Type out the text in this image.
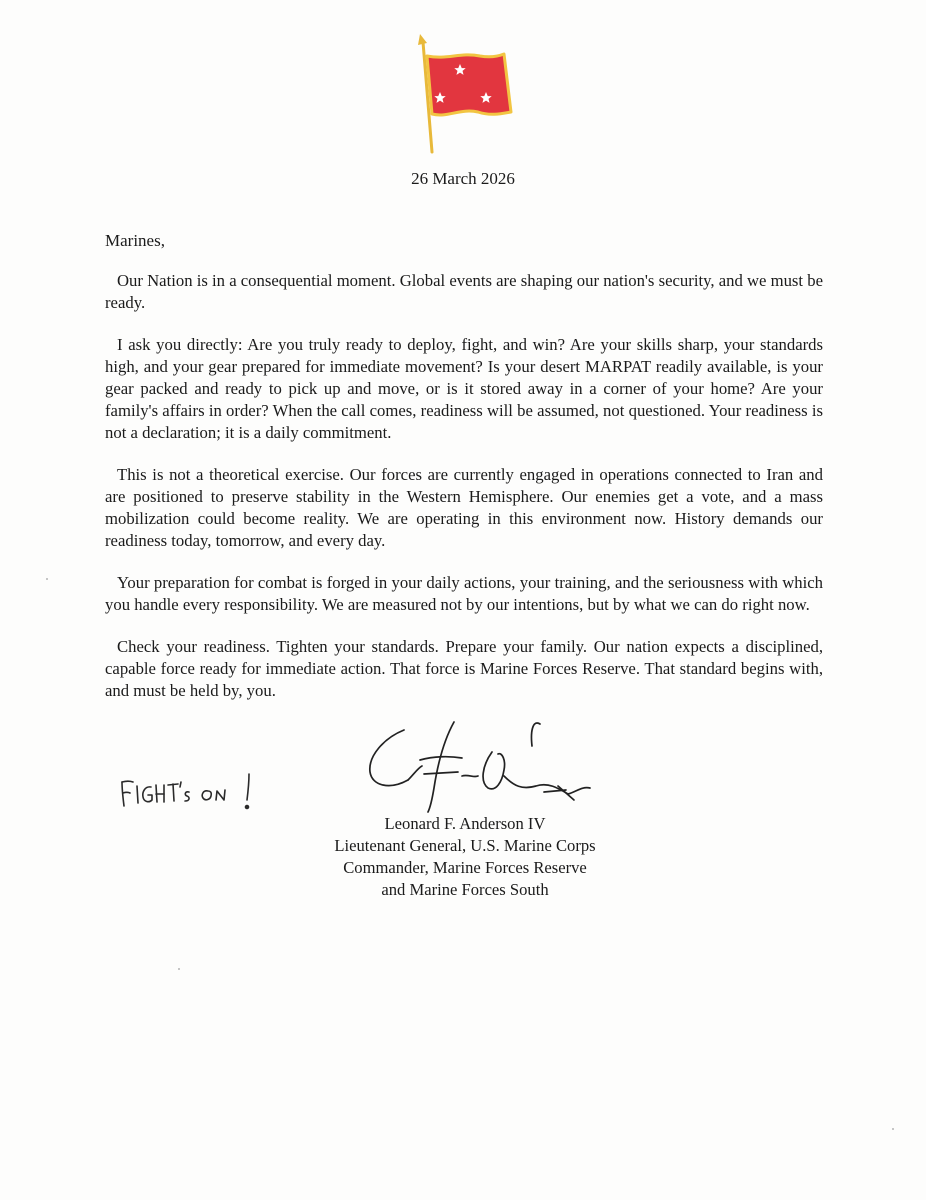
26 March 2026
Marines,

Our Nation is in a consequential moment. Global events are shaping our nation's security, and we must be ready.

I ask you directly: Are you truly ready to deploy, fight, and win? Are your skills sharp, your standards high, and your gear prepared for immediate movement? Is your desert MARPAT readily available, is your gear packed and ready to pick up and move, or is it stored away in a corner of your home? Are your family's affairs in order? When the call comes, readiness will be assumed, not questioned. Your readiness is not a declaration; it is a daily commitment.

This is not a theoretical exercise. Our forces are currently engaged in operations connected to Iran and are positioned to preserve stability in the Western Hemisphere. Our enemies get a vote, and a mass mobilization could become reality. We are operating in this environment now. History demands our readiness today, tomorrow, and every day.

Your preparation for combat is forged in your daily actions, your training, and the seriousness with which you handle every responsibility. We are measured not by our intentions, but by what we can do right now.

Check your readiness. Tighten your standards. Prepare your family. Our nation expects a disciplined, capable force ready for immediate action. That force is Marine Forces Reserve. That standard begins with, and must be held by, you.

Leonard F. Anderson IV
Lieutenant General, U.S. Marine Corps
Commander, Marine Forces Reserve
and Marine Forces South
